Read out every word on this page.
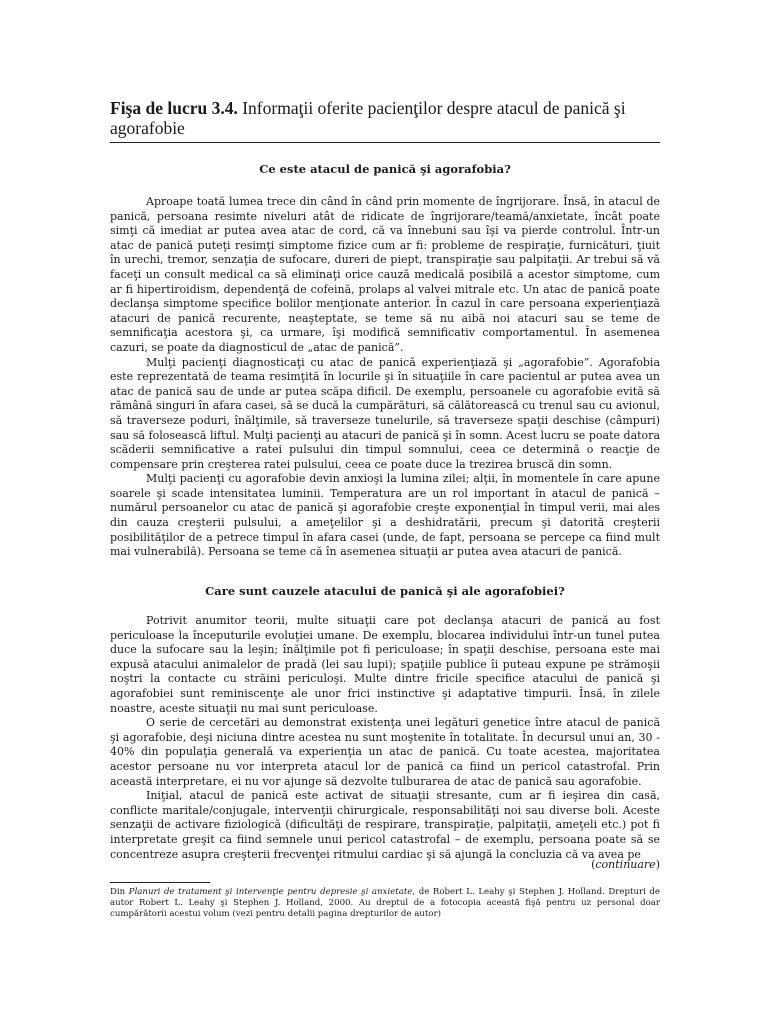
Fişa de lucru 3.4. Informaţii oferite pacienţilor despre atacul de panică şi agorafobie
Ce este atacul de panică şi agorafobia?

Aproape toată lumea trece din când în când prin momente de îngrijorare. Însă, în atacul de panică, persoana resimte niveluri atât de ridicate de îngrijorare/teamă/anxietate, încât poate simţi că imediat ar putea avea atac de cord, că va înnebuni sau îşi va pierde controlul. Într-un atac de panică puteţi resimţi simptome fizice cum ar fi: probleme de respiraţie, furnicături, ţiuit în urechi, tremor, senzaţia de sufocare, dureri de piept, transpiraţie sau palpitaţii. Ar trebui să vă faceţi un consult medical ca să eliminaţi orice cauză medicală posibilă a acestor simptome, cum ar fi hipertiroidism, dependenţă de cofeină, prolaps al valvei mitrale etc. Un atac de panică poate declanşa simptome specifice bolilor menţionate anterior. În cazul în care persoana experienţiază atacuri de panică recurente, neaşteptate, se teme să nu aibă noi atacuri sau se teme de semnificaţia acestora şi, ca urmare, îşi modifică semnificativ comportamentul. În asemenea cazuri, se poate da diagnosticul de „atac de panică”.

Mulţi pacienţi diagnosticaţi cu atac de panică experienţiază şi „agorafobie”. Agorafobia este reprezentată de teama resimţită în locurile şi în situaţiile în care pacientul ar putea avea un atac de panică sau de unde ar putea scăpa dificil. De exemplu, persoanele cu agorafobie evită să rămână singuri în afara casei, să se ducă la cumpărături, să călătorească cu trenul sau cu avionul, să traverseze poduri, înălţimile, să traverseze tunelurile, să traverseze spaţii deschise (câmpuri) sau să folosească liftul. Mulţi pacienţi au atacuri de panică şi în somn. Acest lucru se poate datora scăderii semnificative a ratei pulsului din timpul somnului, ceea ce determină o reacţie de compensare prin creşterea ratei pulsului, ceea ce poate duce la trezirea bruscă din somn.

Mulţi pacienţi cu agorafobie devin anxioşi la lumina zilei; alţii, în momentele în care apune soarele şi scade intensitatea luminii. Temperatura are un rol important în atacul de panică – numărul persoanelor cu atac de panică şi agorafobie creşte exponenţial în timpul verii, mai ales din cauza creşterii pulsului, a ameţelilor şi a deshidratării, precum şi datorită creşterii posibilităţilor de a petrece timpul în afara casei (unde, de fapt, persoana se percepe ca fiind mult mai vulnerabilă). Persoana se teme că în asemenea situaţii ar putea avea atacuri de panică.

Care sunt cauzele atacului de panică şi ale agorafobiei?

Potrivit anumitor teorii, multe situaţii care pot declanşa atacuri de panică au fost periculoase la începuturile evoluţiei umane. De exemplu, blocarea individului într-un tunel putea duce la sufocare sau la leşin; înălţimile pot fi periculoase; în spaţii deschise, persoana este mai expusă atacului animalelor de pradă (lei sau lupi); spaţiile publice îi puteau expune pe strămoşii noştri la contacte cu străini periculoşi. Multe dintre fricile specifice atacului de panică şi agorafobiei sunt reminiscenţe ale unor frici instinctive şi adaptative timpurii. Însă, în zilele noastre, aceste situaţii nu mai sunt periculoase.

O serie de cercetări au demonstrat existenţa unei legături genetice între atacul de panică şi agorafobie, deşi niciuna dintre acestea nu sunt moştenite în totalitate. În decursul unui an, 30 - 40% din populaţia generală va experienţia un atac de panică. Cu toate acestea, majoritatea acestor persoane nu vor interpreta atacul lor de panică ca fiind un pericol catastrofal. Prin această interpretare, ei nu vor ajunge să dezvolte tulburarea de atac de panică sau agorafobie.

Iniţial, atacul de panică este activat de situaţii stresante, cum ar fi ieşirea din casă, conflicte maritale/conjugale, intervenţii chirurgicale, responsabilităţi noi sau diverse boli. Aceste senzaţii de activare fiziologică (dificultăţi de respirare, transpiraţie, palpitaţii, ameţeli etc.) pot fi interpretate greşit ca fiind semnele unui pericol catastrofal – de exemplu, persoana poate să se concentreze asupra creşterii frecvenţei ritmului cardiac şi să ajungă la concluzia că va avea pe

(continuare)
Din Planuri de tratament şi intervenţie pentru depresie şi anxietate, de Robert L. Leahy şi Stephen J. Holland. Drepturi de autor Robert L. Leahy şi Stephen J. Holland, 2000. Au dreptul de a fotocopia această fişă pentru uz personal doar cumpărătorii acestui volum (vezi pentru detalii pagina drepturilor de autor)
